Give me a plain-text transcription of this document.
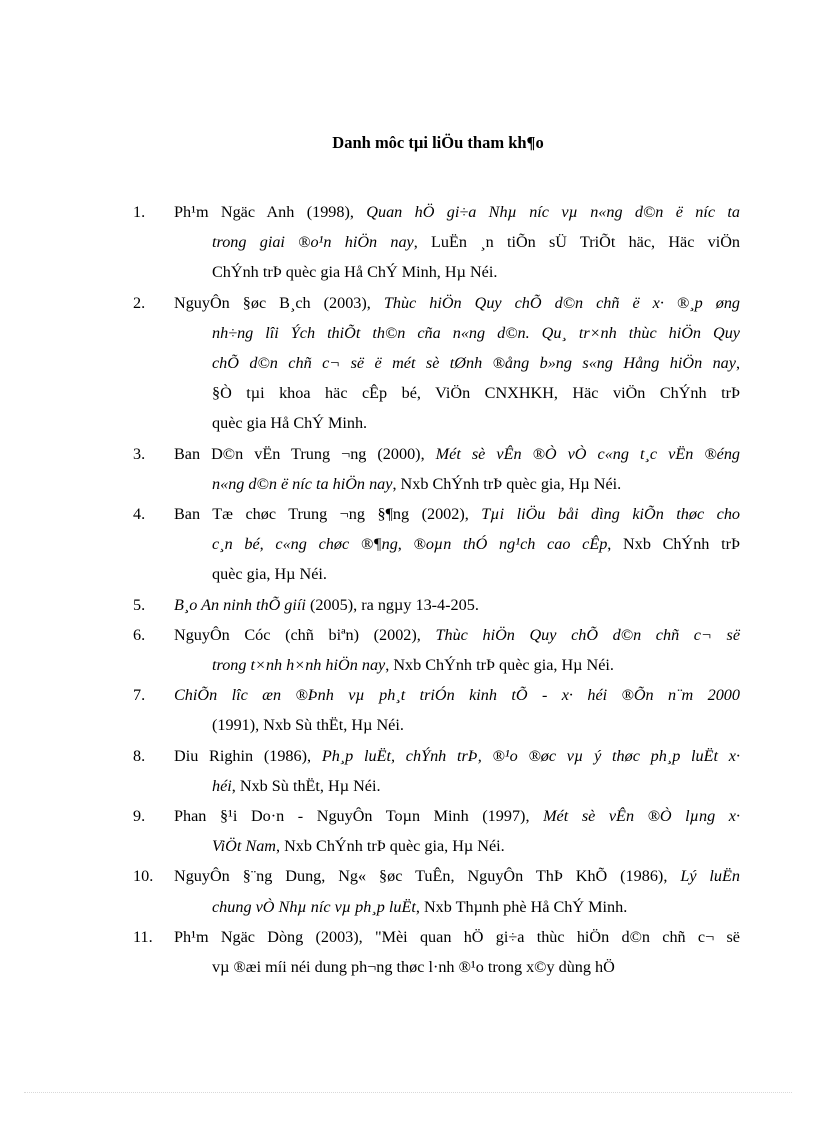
Danh môc tµi liÖu tham kh¶o
1. Ph¹m Ngäc Anh (1998), Quan hÖ gi÷a Nhµ níc vµ n«ng d©n ë níc ta
trong giai ®o¹n hiÖn nay, LuËn ¸n tiÕn sÜ TriÕt häc, Häc viÖn
ChÝnh trÞ quèc gia Hå ChÝ Minh, Hµ Néi.
2. NguyÔn §øc B¸ch (2003), Thùc hiÖn Quy chÕ d©n chñ ë x· ®¸p øng
nh÷ng lîi Ých thiÕt th©n cña n«ng d©n. Qu¸ tr×nh thùc hiÖn Quy
chÕ d©n chñ c¬ së ë mét sè tØnh ®ång b»ng s«ng Hång hiÖn nay,
§Ò tµi khoa häc cÊp bé, ViÖn CNXHKH, Häc viÖn ChÝnh trÞ
quèc gia Hå ChÝ Minh.
3. Ban D©n vËn Trung ¬ng (2000), Mét sè vÊn ®Ò vÒ c«ng t¸c vËn ®éng
n«ng d©n ë níc ta hiÖn nay, Nxb ChÝnh trÞ quèc gia, Hµ Néi.
4. Ban Tæ chøc Trung ¬ng §¶ng (2002), Tµi liÖu båi dìng kiÕn thøc cho
c¸n bé, c«ng chøc ®¶ng, ®oµn thÓ ng¹ch cao cÊp, Nxb ChÝnh trÞ
quèc gia, Hµ Néi.
5. B¸o An ninh thÕ giíi (2005), ra ngµy 13-4-205.
6. NguyÔn Cóc (chñ biªn) (2002), Thùc hiÖn Quy chÕ d©n chñ c¬ së
trong t×nh h×nh hiÖn nay, Nxb ChÝnh trÞ quèc gia, Hµ Néi.
7. ChiÕn lîc æn ®Þnh vµ ph¸t triÓn kinh tÕ - x· héi ®Õn n¨m 2000
(1991), Nxb Sù thËt, Hµ Néi.
8. Diu Righin (1986), Ph¸p luËt, chÝnh trÞ, ®¹o ®øc vµ ý thøc ph¸p luËt x·
héi, Nxb Sù thËt, Hµ Néi.
9. Phan §¹i Do·n - NguyÔn Toµn Minh (1997), Mét sè vÊn ®Ò lµng x·
ViÖt Nam, Nxb ChÝnh trÞ quèc gia, Hµ Néi.
10. NguyÔn §¨ng Dung, Ng« §øc TuÊn, NguyÔn ThÞ KhÕ (1986), Lý luËn
chung vÒ Nhµ níc vµ ph¸p luËt, Nxb Thµnh phè Hå ChÝ Minh.
11. Ph¹m Ngäc Dòng (2003), "Mèi quan hÖ gi÷a thùc hiÖn d©n chñ c¬ së
vµ ®æi míi néi dung ph¬ng thøc l·nh ®¹o trong x©y dùng hÖ
